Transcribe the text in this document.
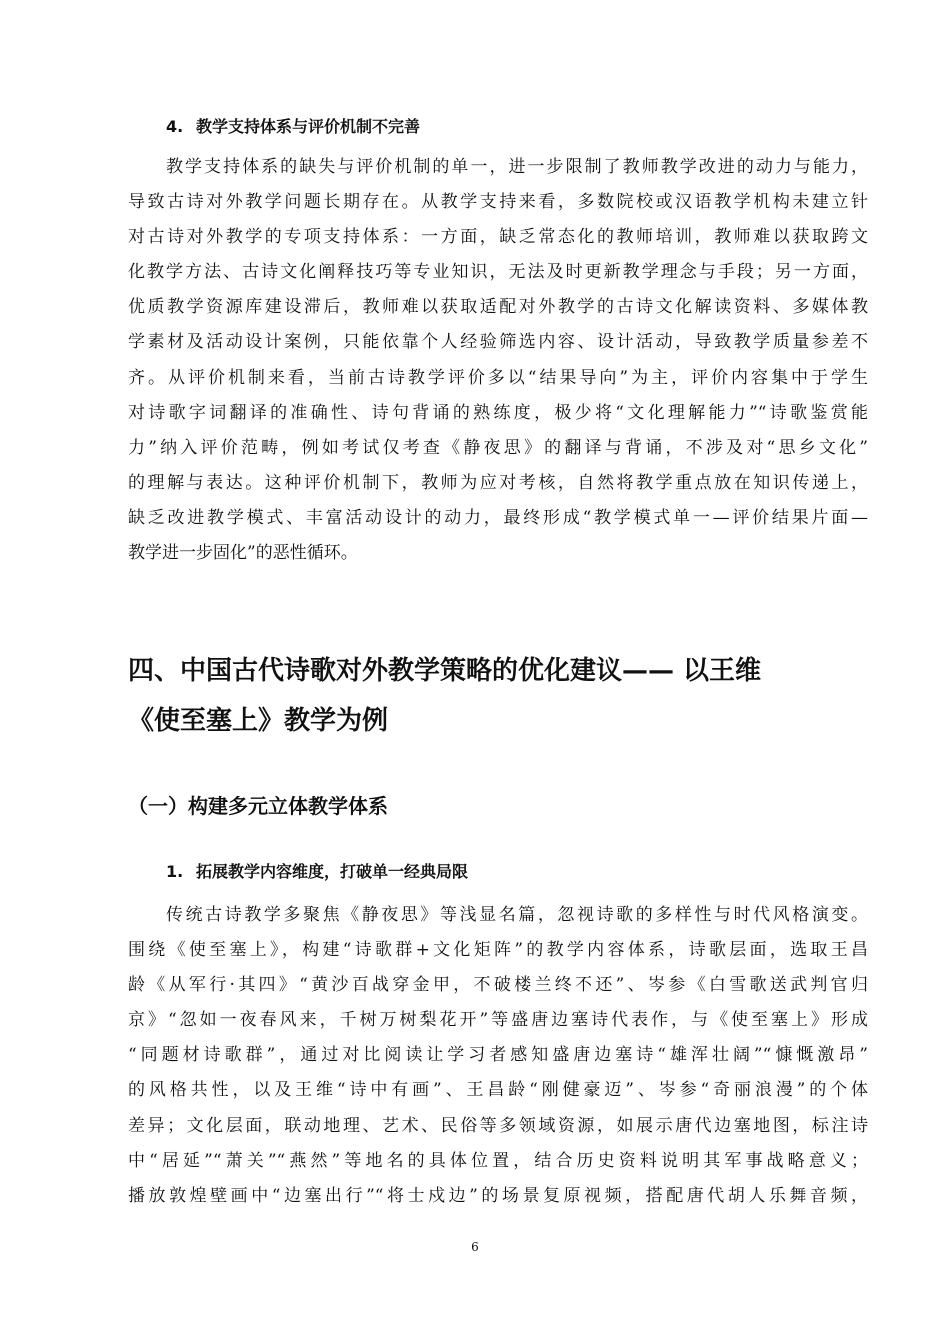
4. 教学支持体系与评价机制不完善
教学支持体系的缺失与评价机制的单一，进一步限制了教师教学改进的动力与能力，
导致古诗对外教学问题长期存在。从教学支持来看，多数院校或汉语教学机构未建立针
对古诗对外教学的专项支持体系：一方面，缺乏常态化的教师培训，教师难以获取跨文
化教学方法、古诗文化阐释技巧等专业知识，无法及时更新教学理念与手段；另一方面，
优质教学资源库建设滞后，教师难以获取适配对外教学的古诗文化解读资料、多媒体教
学素材及活动设计案例，只能依靠个人经验筛选内容、设计活动，导致教学质量参差不
齐。从评价机制来看，当前古诗教学评价多以“结果导向”为主，评价内容集中于学生
对诗歌字词翻译的准确性、诗句背诵的熟练度，极少将“文化理解能力”“诗歌鉴赏能
力”纳入评价范畴，例如考试仅考查《静夜思》的翻译与背诵，不涉及对“思乡文化”
的理解与表达。这种评价机制下，教师为应对考核，自然将教学重点放在知识传递上，
缺乏改进教学模式、丰富活动设计的动力，最终形成“教学模式单一—评价结果片面—
教学进一步固化”的恶性循环。
四、中国古代诗歌对外教学策略的优化建议—— 以王维
《使至塞上》教学为例
（一）构建多元立体教学体系
1. 拓展教学内容维度，打破单一经典局限
传统古诗教学多聚焦《静夜思》等浅显名篇，忽视诗歌的多样性与时代风格演变。
围绕《使至塞上》，构建“诗歌群+文化矩阵”的教学内容体系，诗歌层面，选取王昌
龄《从军行·其四》“黄沙百战穿金甲，不破楼兰终不还”、岑参《白雪歌送武判官归
京》“忽如一夜春风来，千树万树梨花开”等盛唐边塞诗代表作，与《使至塞上》形成
“同题材诗歌群”，通过对比阅读让学习者感知盛唐边塞诗“雄浑壮阔”“慷慨激昂”
的风格共性，以及王维“诗中有画”、王昌龄“刚健豪迈”、岑参“奇丽浪漫”的个体
差异；文化层面，联动地理、艺术、民俗等多领域资源，如展示唐代边塞地图，标注诗
中“居延”“萧关”“燕然”等地名的具体位置，结合历史资料说明其军事战略意义；
播放敦煌壁画中“边塞出行”“将士戍边”的场景复原视频，搭配唐代胡人乐舞音频，
6
